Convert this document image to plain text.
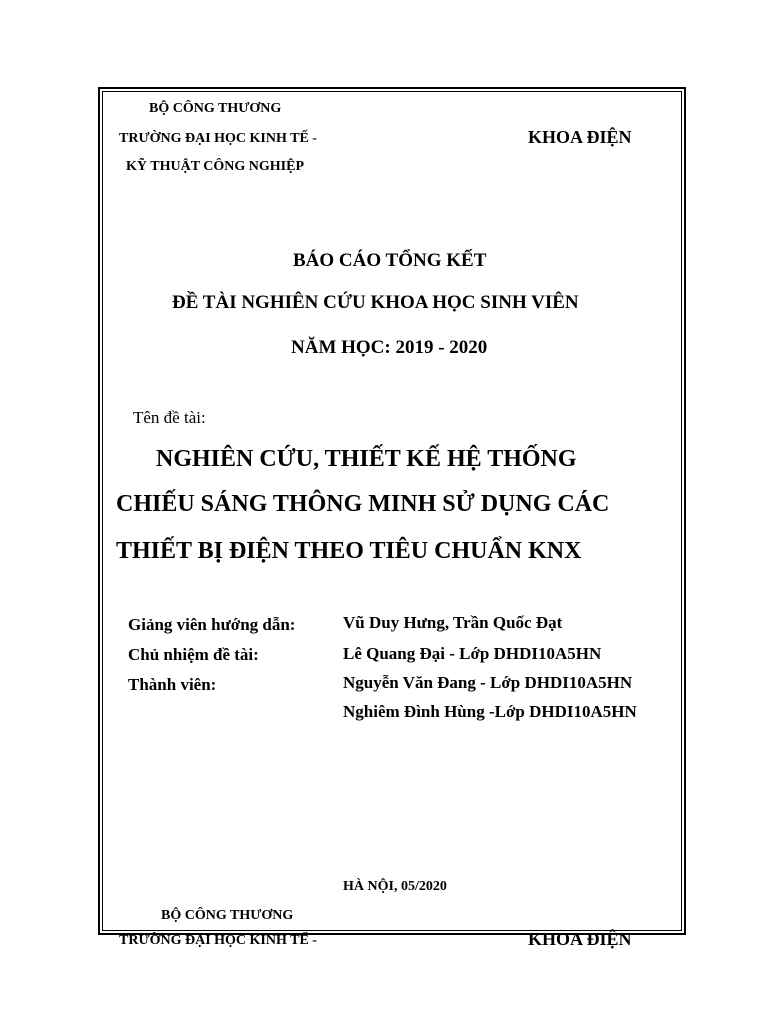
BỘ CÔNG THƯƠNG
TRƯỜNG ĐẠI HỌC KINH TẾ -
KỸ THUẬT CÔNG NGHIỆP
KHOA ĐIỆN
BÁO CÁO TỔNG KẾT
ĐỀ TÀI NGHIÊN CỨU KHOA HỌC SINH VIÊN
NĂM HỌC: 2019 - 2020
Tên đề tài:
NGHIÊN CỨU, THIẾT KẾ HỆ THỐNG
CHIẾU SÁNG THÔNG MINH SỬ DỤNG CÁC
THIẾT BỊ ĐIỆN THEO TIÊU CHUẨN KNX
Giảng viên hướng dẫn:	Vũ Duy Hưng, Trần Quốc Đạt
Chủ nhiệm đề tài:	Lê Quang Đại - Lớp DHDI10A5HN
Thành viên:	Nguyễn Văn Đang - Lớp DHDI10A5HN
Nghiêm Đình Hùng -Lớp DHDI10A5HN
HÀ NỘI, 05/2020
BỘ CÔNG THƯƠNG
TRƯỜNG ĐẠI HỌC KINH TẾ -	KHOA ĐIỆN
